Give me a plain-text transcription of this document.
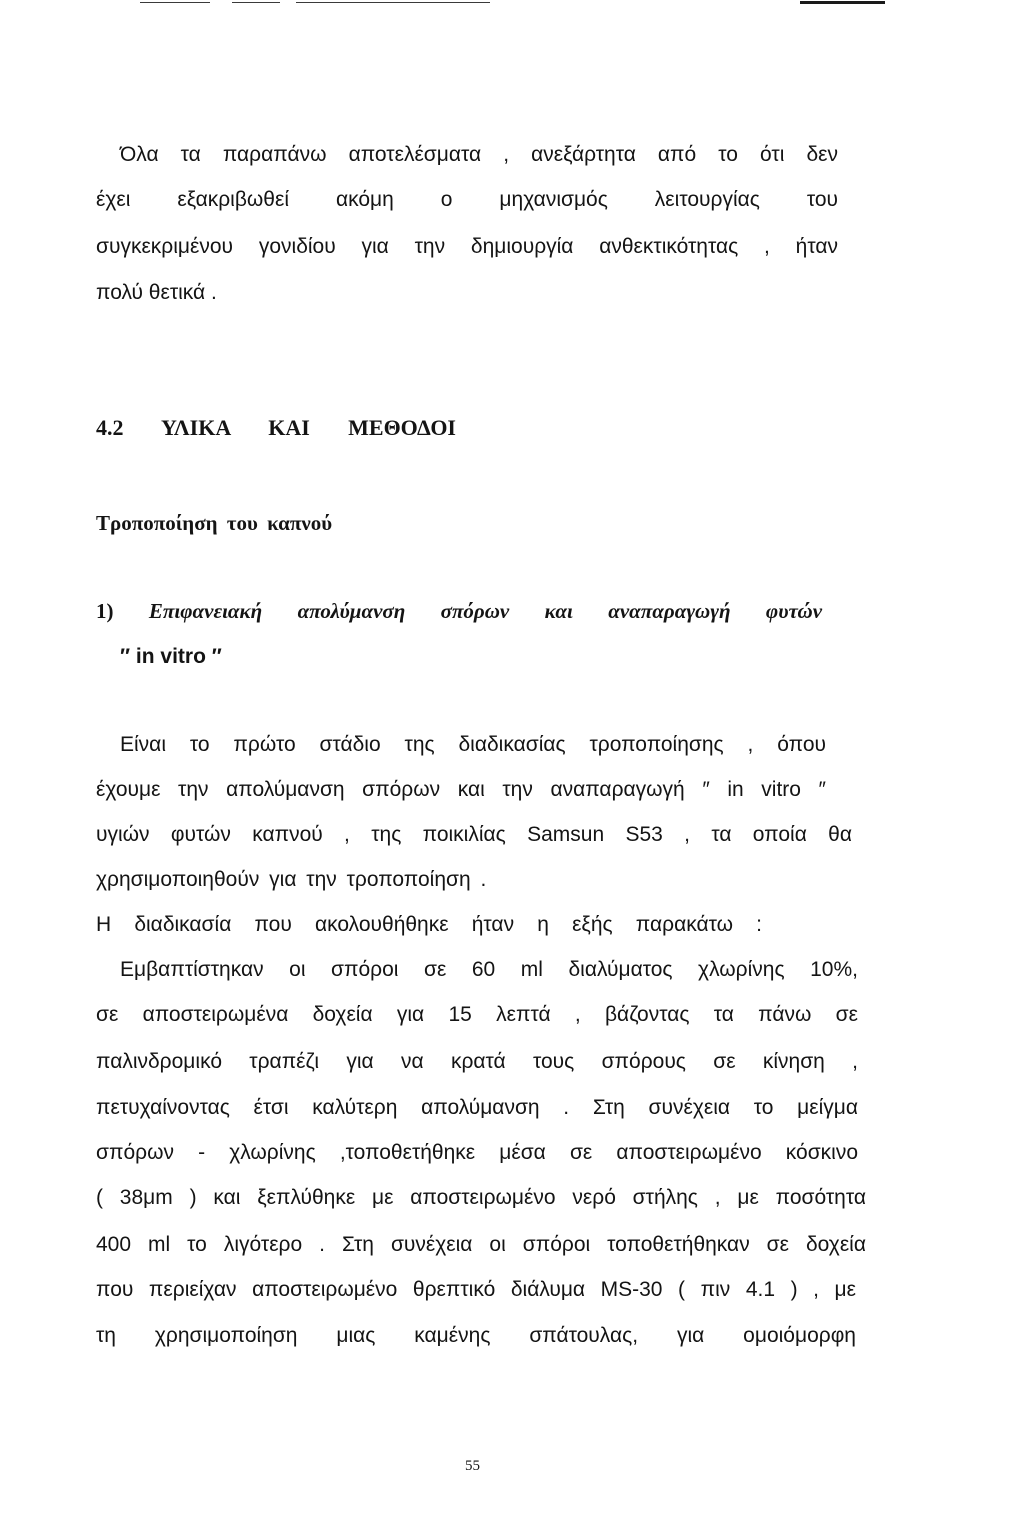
Όλα τα παραπάνω αποτελέσματα , ανεξάρτητα από το ότι δεν
έχει εξακριβωθεί ακόμη ο μηχανισμός λειτουργίας του
συγκεκριμένου γονιδίου για την δημιουργία ανθεκτικότητας , ήταν
πολύ θετικά .
4.2 ΥΛΙΚΑ ΚΑΙ ΜΕΘΟΔΟΙ
Τροποποίηση του καπνού
1) Επιφανειακή απολύμανση σπόρων και αναπαραγωγή φυτών
″ in vitro ″
Είναι το πρώτο στάδιο της διαδικασίας τροποποίησης , όπου
έχουμε την απολύμανση σπόρων και την αναπαραγωγή ″ in vitro ″
υγιών φυτών καπνού , της ποικιλίας Samsun S53 , τα οποία θα
χρησιμοποιηθούν για την τροποποίηση .
Η διαδικασία που ακολουθήθηκε ήταν η εξής παρακάτω :
Εμβαπτίστηκαν οι σπόροι σε 60 ml διαλύματος χλωρίνης 10%,
σε αποστειρωμένα δοχεία για 15 λεπτά , βάζοντας τα πάνω σε
παλινδρομικό τραπέζι για να κρατά τους σπόρους σε κίνηση ,
πετυχαίνοντας έτσι καλύτερη απολύμανση . Στη συνέχεια το μείγμα
σπόρων - χλωρίνης ,τοποθετήθηκε μέσα σε αποστειρωμένο κόσκινο
( 38μm ) και ξεπλύθηκε με αποστειρωμένο νερό στήλης , με ποσότητα
400 ml το λιγότερο . Στη συνέχεια οι σπόροι τοποθετήθηκαν σε δοχεία
που περιείχαν αποστειρωμένο θρεπτικό διάλυμα MS-30 ( πιν 4.1 ) , με
τη χρησιμοποίηση μιας καμένης σπάτουλας, για ομοιόμορφη
55
